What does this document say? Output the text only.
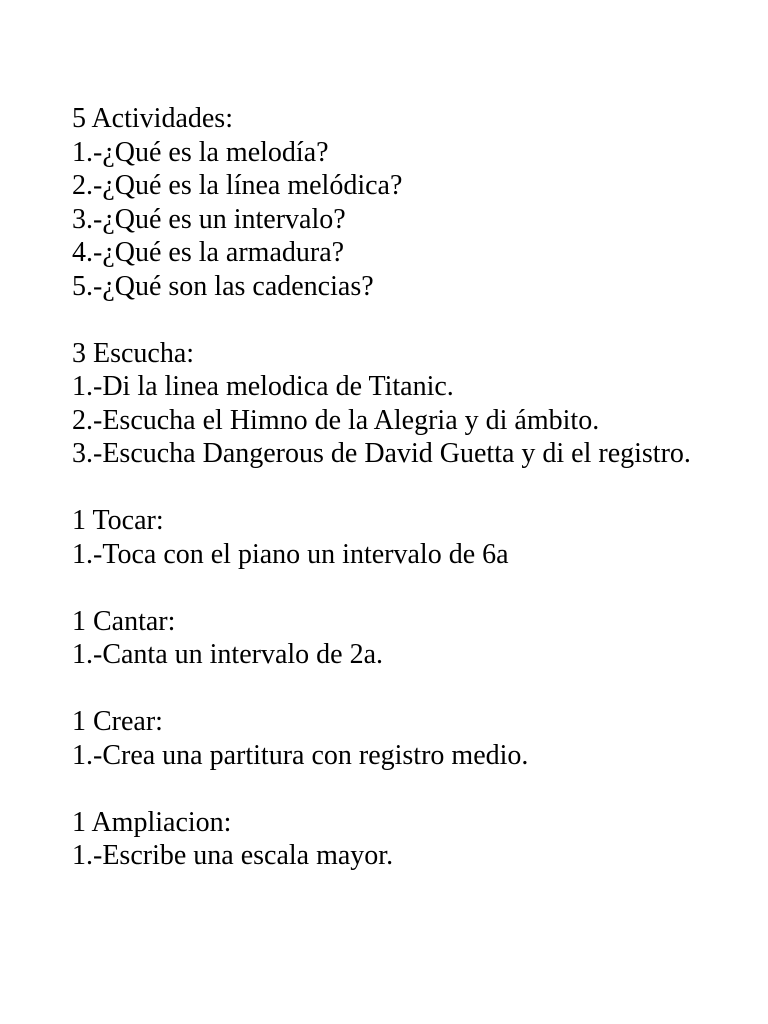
5 Actividades:
1.-¿Qué es la melodía?
2.-¿Qué es la línea melódica?
3.-¿Qué es un intervalo?
4.-¿Qué es la armadura?
5.-¿Qué son las cadencias?
3 Escucha:
1.-Di la linea melodica de Titanic.
2.-Escucha el Himno de la Alegria y di ámbito.
3.-Escucha Dangerous de David Guetta y di el registro.
1 Tocar:
1.-Toca con el piano un intervalo de 6a
1 Cantar:
1.-Canta un intervalo de 2a.
1 Crear:
1.-Crea una partitura con registro medio.
1 Ampliacion:
1.-Escribe una escala mayor.
